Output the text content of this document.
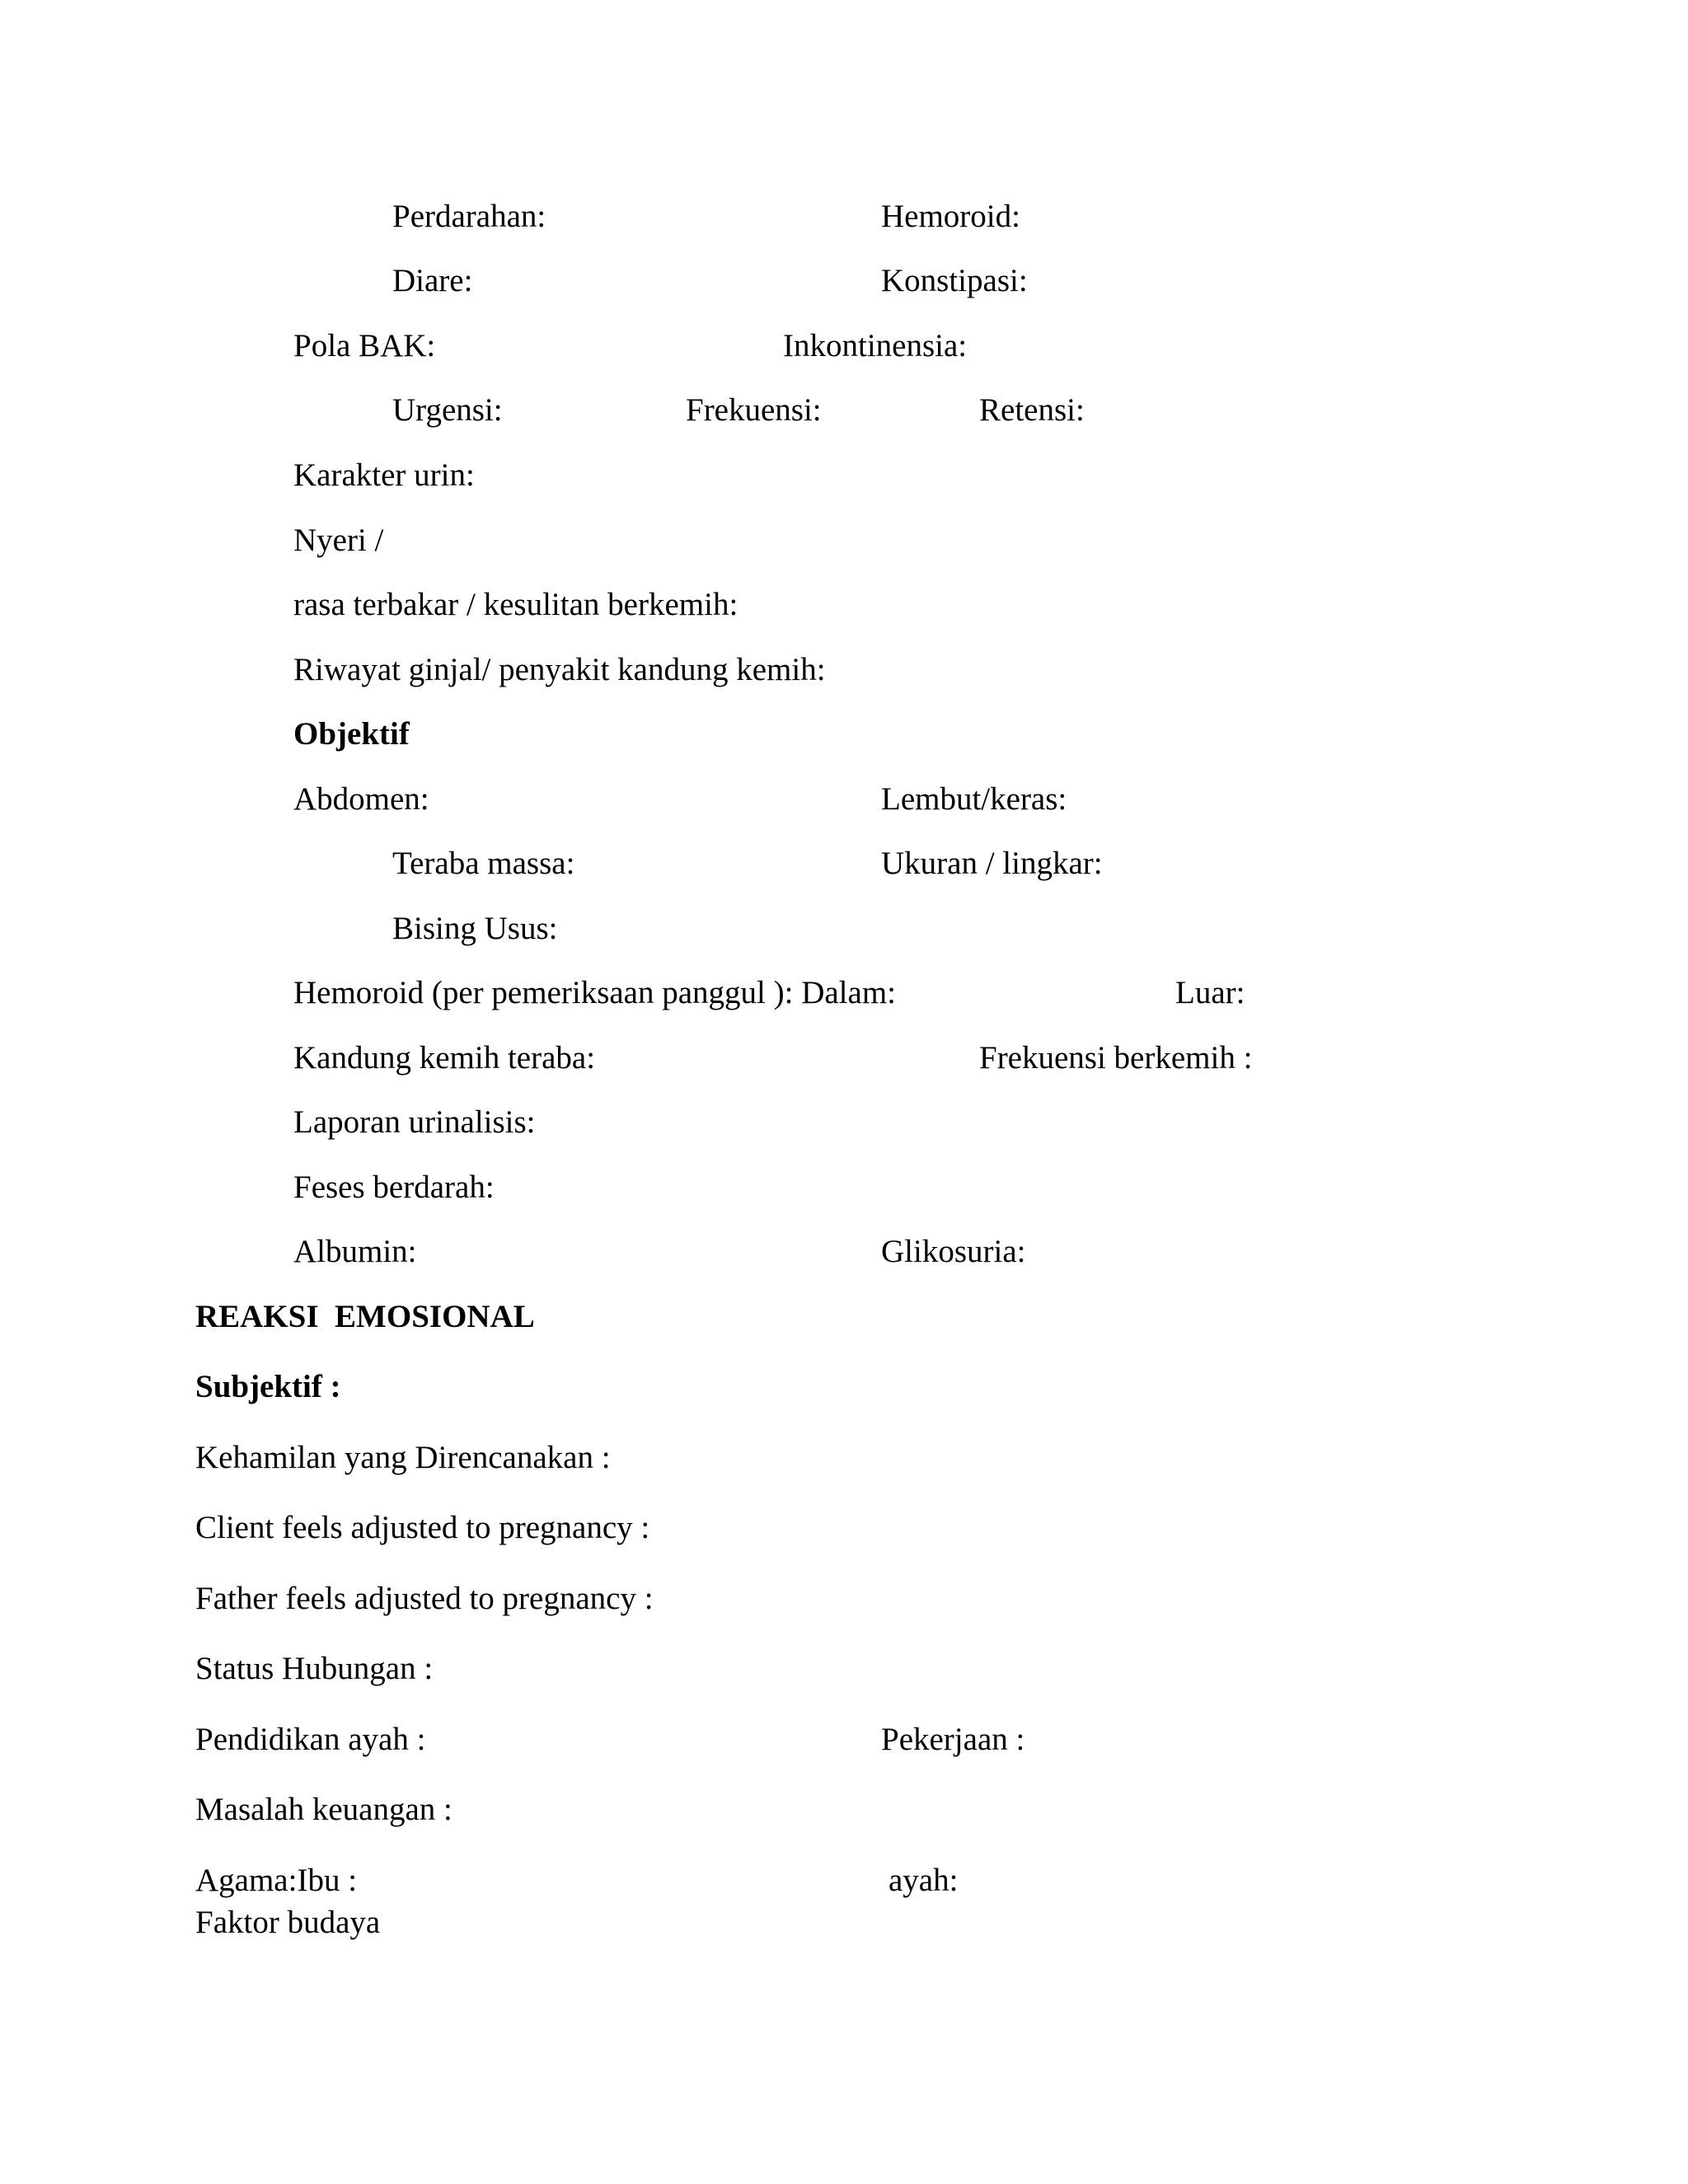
Perdarahan:	Hemoroid:
Diare:	Konstipasi:
Pola BAK:	Inkontinensia:
Urgensi:	Frekuensi:	Retensi:
Karakter urin:
Nyeri /
rasa terbakar / kesulitan berkemih:
Riwayat ginjal/ penyakit kandung kemih:
Objektif
Abdomen:	Lembut/keras:
Teraba massa:	Ukuran / lingkar:
Bising Usus:
Hemoroid (per pemeriksaan panggul ): Dalam:	Luar:
Kandung kemih teraba:	Frekuensi berkemih :
Laporan urinalisis:
Feses berdarah:
Albumin:	Glikosuria:
REAKSI  EMOSIONAL
Subjektif :
Kehamilan yang Direncanakan :
Client feels adjusted to pregnancy :
Father feels adjusted to pregnancy :
Status Hubungan :
Pendidikan ayah :	Pekerjaan :
Masalah keuangan :
Agama:Ibu :	ayah:
Faktor budaya
